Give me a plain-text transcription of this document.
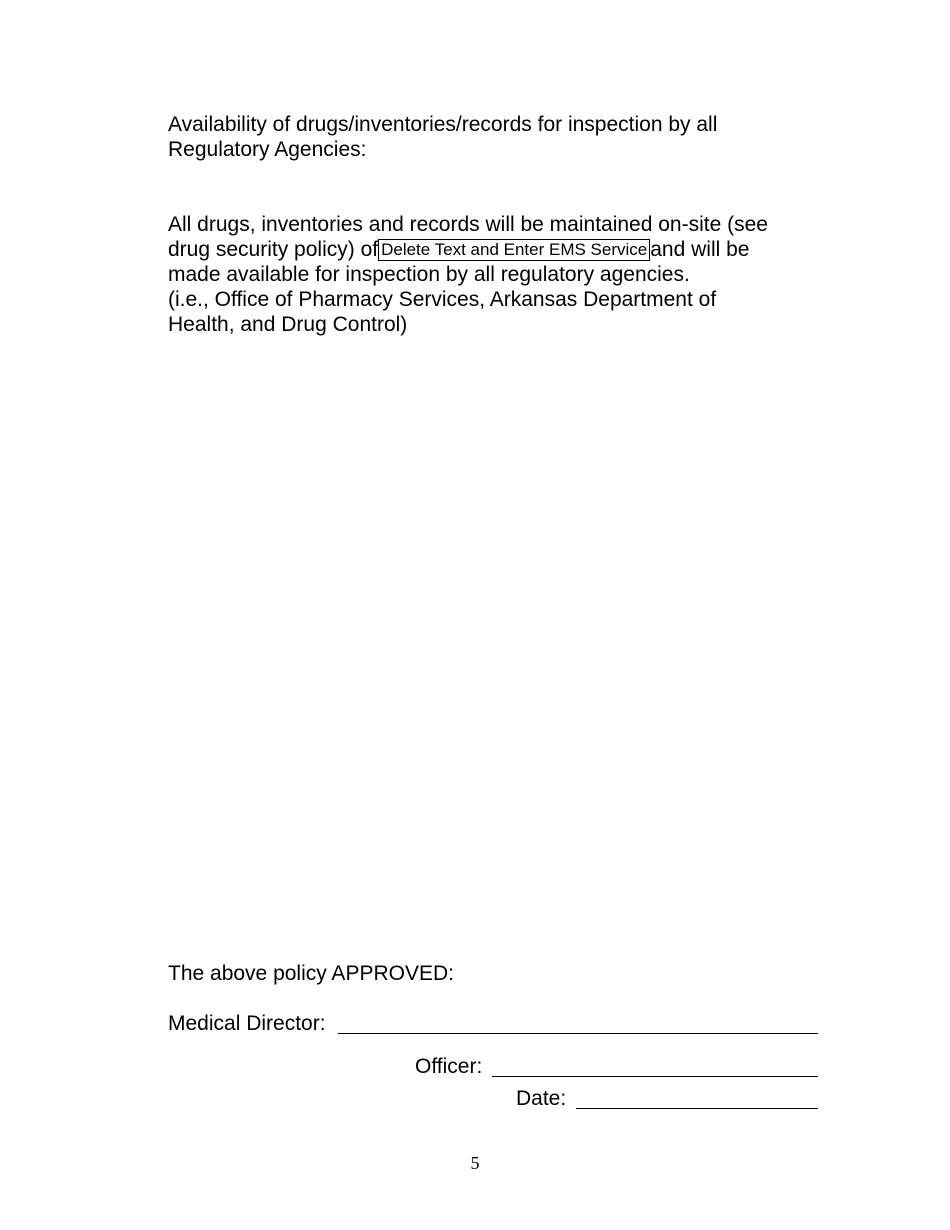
Availability of drugs/inventories/records for inspection by all

Regulatory Agencies:

All drugs, inventories and records will be maintained on-site (see

drug security policy) of Delete Text and Enter EMS Service and will be

made available for inspection by all regulatory agencies.

(i.e., Office of Pharmacy Services, Arkansas Department of

Health, and Drug Control)

The above policy APPROVED:

Medical Director:
Officer:
Date:
5
